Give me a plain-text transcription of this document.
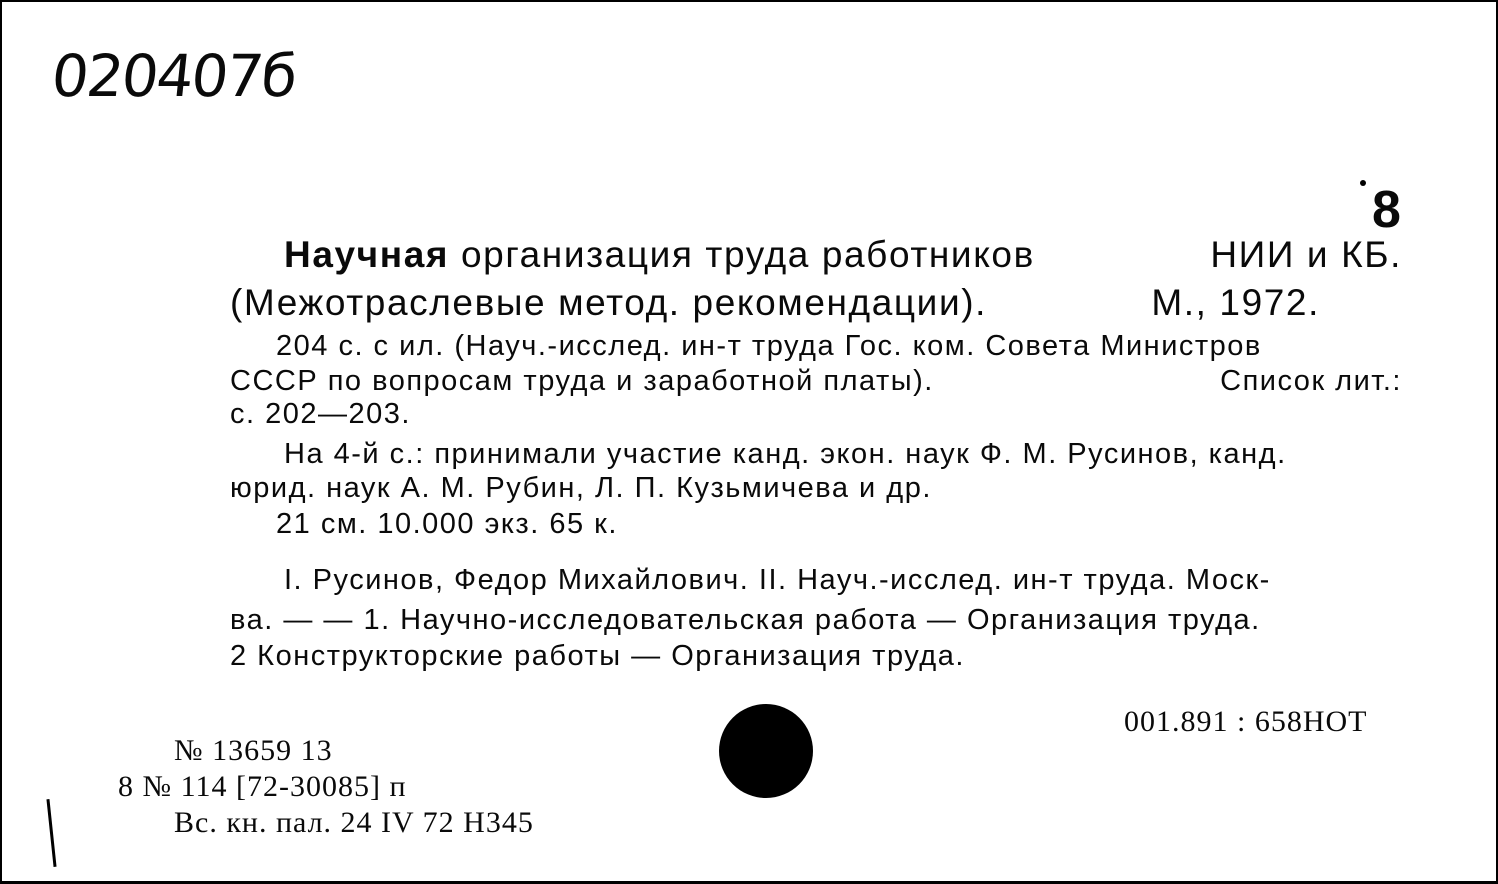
020407б
8
Научная организация труда работников	НИИ и КБ.
(Межотраслевые метод. рекомендации).	М., 1972.
204 с. с ил. (Науч.-исслед. ин-т труда Гос. ком. Совета Министров
СССР по вопросам труда и заработной платы).	Список лит.:
с. 202—203.
На 4-й с.: принимали участие канд. экон. наук Ф. М. Русинов, канд.
юрид. наук А. М. Рубин, Л. П. Кузьмичева и др.
21 см. 10.000 экз. 65 к.
I. Русинов, Федор Михайлович. II. Науч.-исслед. ин-т труда. Моск-
ва. — — 1. Научно-исследовательская работа — Организация труда.
2 Конструкторские работы — Организация труда.
001.891 : 658НОТ
№ 13659 13
8 № 114 [72-30085] п
Вс. кн. пал. 24 IV 72 Н345
